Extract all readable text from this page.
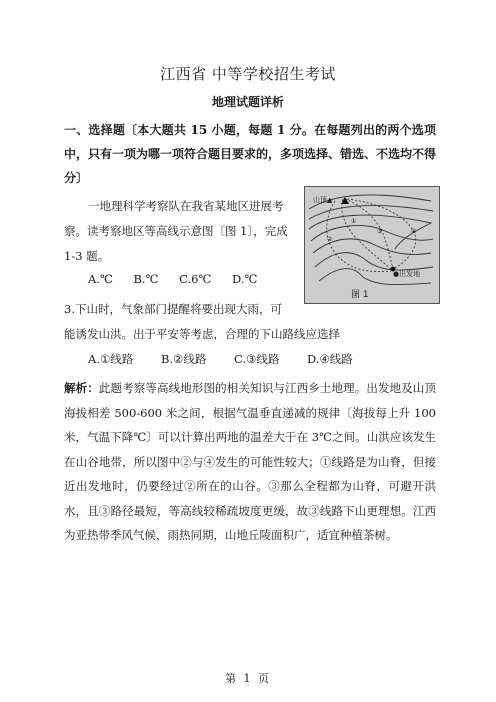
江西省 中等学校招生考试
地理试题详析
一、选择题〔本大题共 15 小题，每题 1 分。在每题列出的两个选项中，只有一项为哪一项符合题目要求的，多项选择、错选、不选均不得分〕
一地理科学考察队在我省某地区进展考察。读考察地区等高线示意图〔图 1〕，完成 1-3 题。
①
②
③	④
山顶▲
●出发地
图 1
A.℃ B.℃ C.6℃ D.℃
3.下山时，气象部门提醒将要出现大雨，可
能诱发山洪。出于平安等考虑，合理的下山路线应选择
A.①线路 B.②线路 C.③线路 D.④线路
解析：此题考察等高线地形图的相关知识与江西乡土地理。出发地及山顶海拔相差 500-600 米之间，根据气温垂直递减的规律〔海拔每上升 100 米，气温下降℃〕可以计算出两地的温差大于在 3℃之间。山洪应该发生在山谷地带，所以图中②与④发生的可能性较大；①线路是为山脊，但接近出发地时，仍要经过②所在的山谷。③那么全程都为山脊，可避开洪水，且③路径最短，等高线较稀疏坡度更缓，故③线路下山更理想。江西为亚热带季风气候，雨热同期，山地丘陵面积广，适宜种植茶树。
第 1 页
